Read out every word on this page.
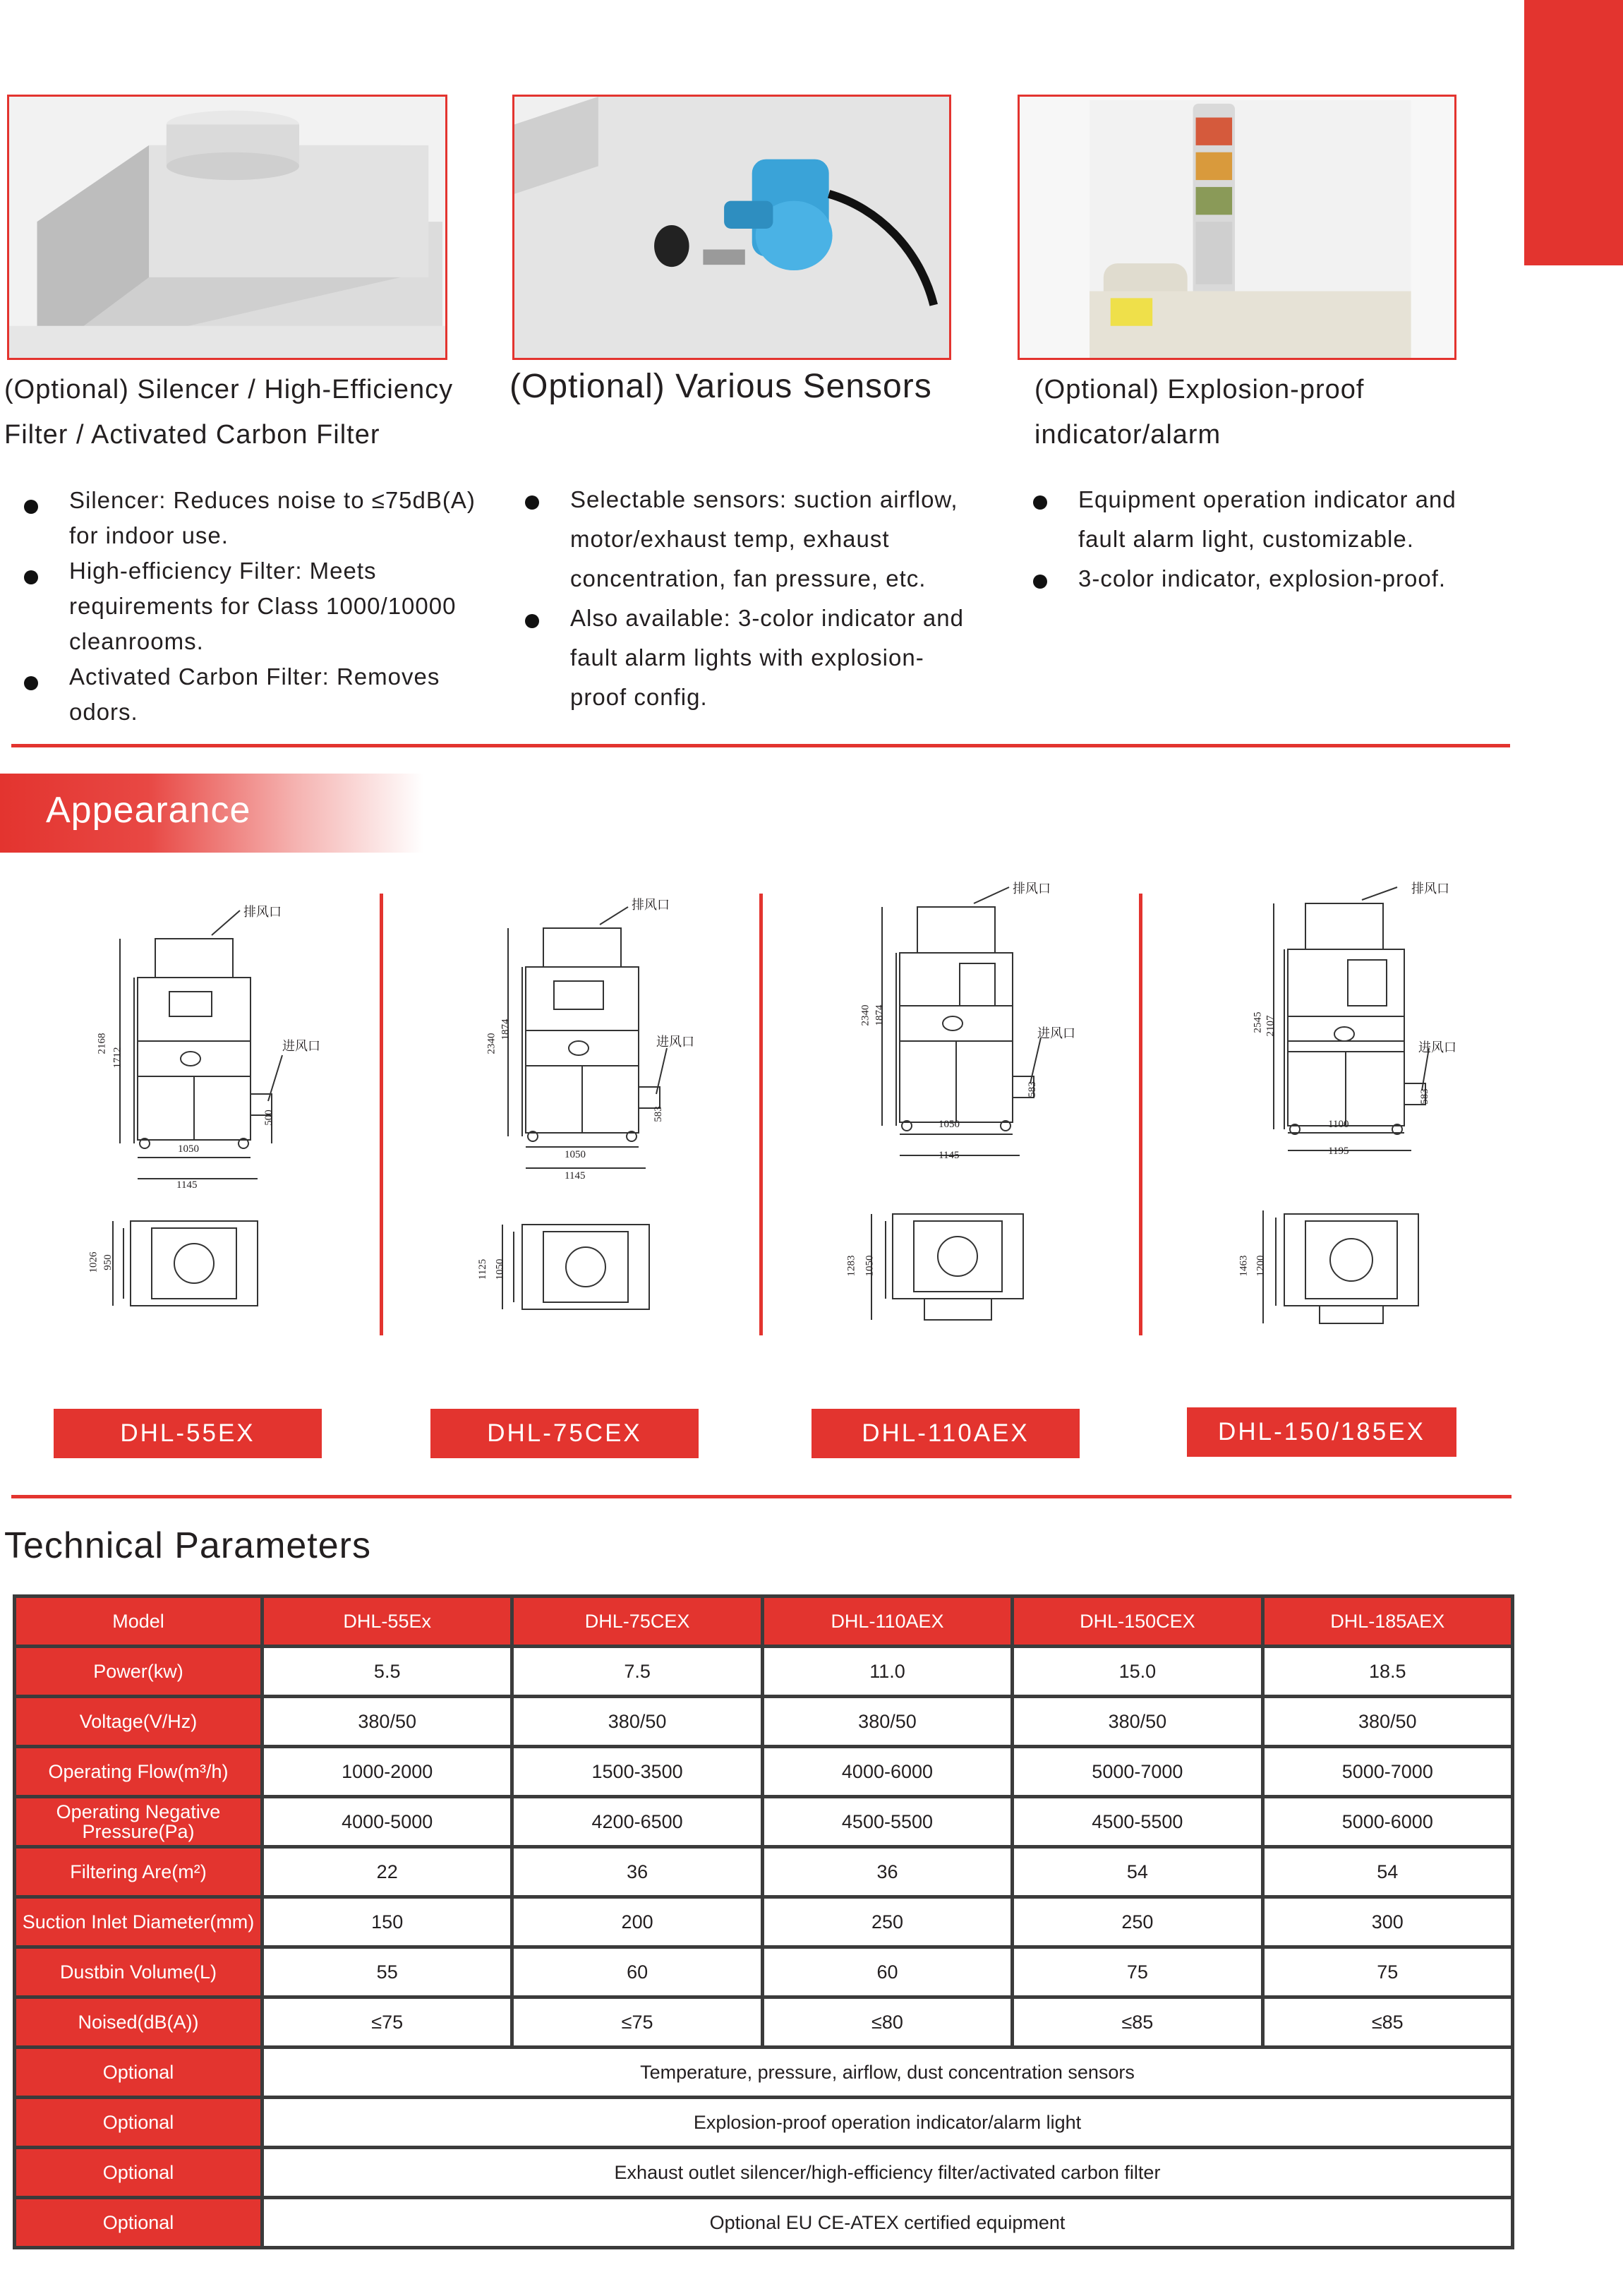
(Optional) Silencer / High-Efficiency
Filter / Activated Carbon Filter
Silencer: Reduces noise to ≤75dB(A)
for indoor use.
High-efficiency Filter: Meets
requirements for Class 1000/10000
cleanrooms.
Activated Carbon Filter: Removes
odors.
(Optional) Various Sensors
Selectable sensors: suction airflow,
motor/exhaust temp, exhaust
concentration, fan pressure, etc.
Also available: 3-color indicator and
fault alarm lights with explosion-
proof config.
(Optional) Explosion-proof
indicator/alarm
Equipment operation indicator and
fault alarm light, customizable.
3-color indicator, explosion-proof.
Appearance
排风口
进风口
2168
1712
500
1050
1145
1026 950
排风口
进风口
2340
1874
583
1050
1145
1125 1050
排风口
进风口
2340 1874
583
1050
1145
1283 1050
排风口
进风口
2545 2107
583
1100
1195
1463 1200
DHL-55EX	DHL-75CEX	DHL-110AEX	DHL-150/185EX
Technical Parameters
Model	DHL-55Ex	DHL-75CEX	DHL-110AEX	DHL-150CEX	DHL-185AEX
Power(kw)	5.5	7.5	11.0	15.0	18.5
Voltage(V/Hz)	380/50	380/50	380/50	380/50	380/50
Operating Flow(m³/h)	1000-2000	1500-3500	4000-6000	5000-7000	5000-7000

Operating Negative
Pressure(Pa)	4000-5000	4200-6500	4500-5500	4500-5500	5000-6000
Filtering Are(m²)	22	36	36	54	54
Suction Inlet Diameter(mm)	150	200	250	250	300
Dustbin Volume(L)	55	60	60	75	75
Noised(dB(A))	≤75	≤75	≤80	≤85	≤85
Optional	Temperature, pressure, airflow, dust concentration sensors				
Optional	Explosion-proof operation indicator/alarm light				
Optional	Exhaust outlet silencer/high-efficiency filter/activated carbon filter				
Optional	Optional EU CE-ATEX certified equipment				
